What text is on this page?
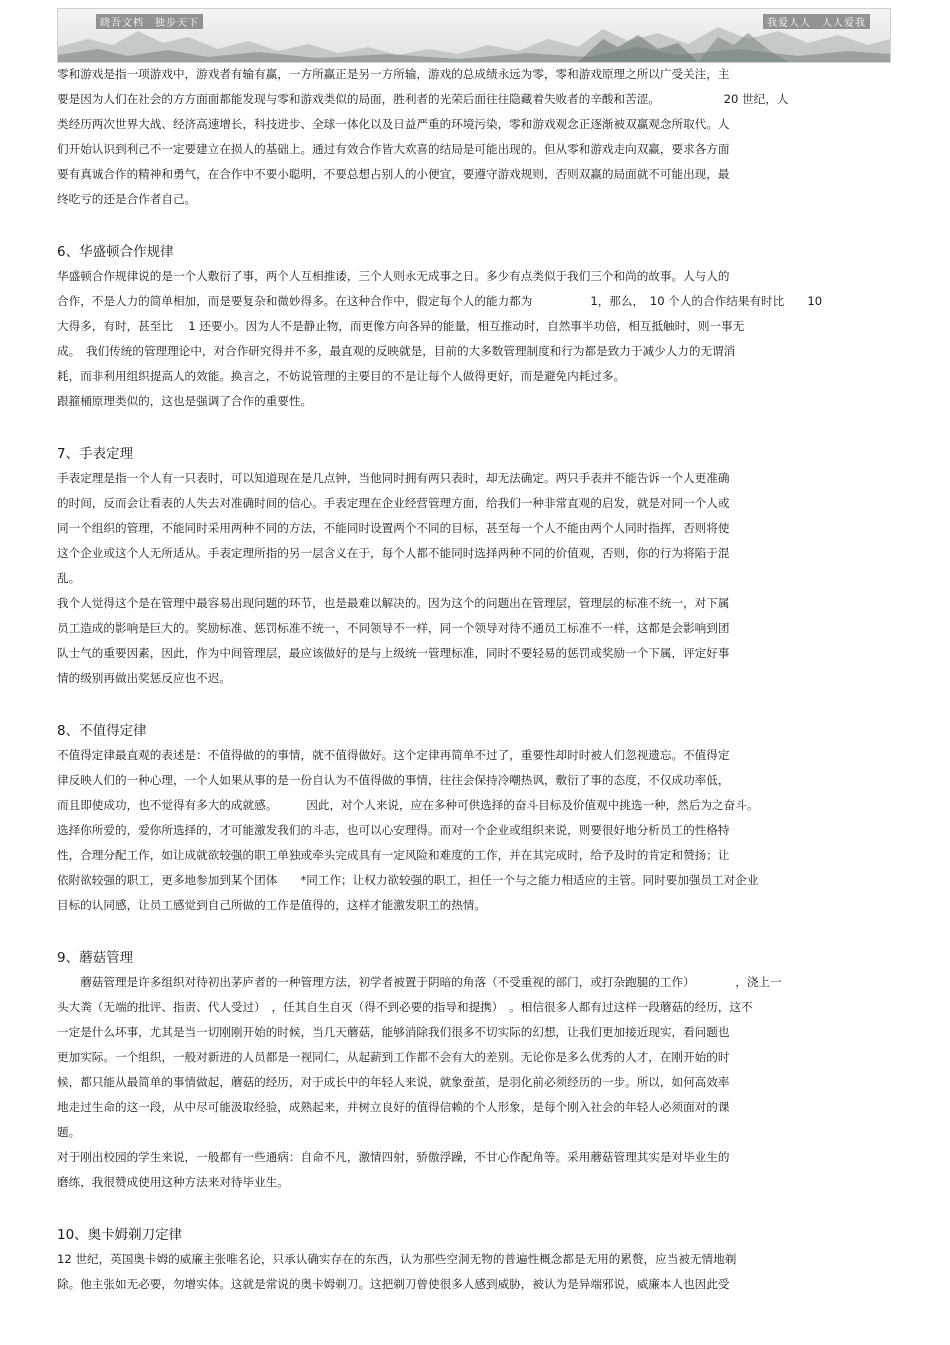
晓吾文档　独步天下	我爱人人　人人爱我
零和游戏是指一项游戏中，游戏者有输有赢，一方所赢正是另一方所输，游戏的总成绩永远为零，零和游戏原理之所以广受关注，主
要是因为人们在社会的方方面面都能发现与零和游戏类似的局面，胜利者的光荣后面往往隐藏着失败者的辛酸和苦涩。　　　　　　20 世纪，人
类经历两次世界大战、经济高速增长，科技进步、全球一体化以及日益严重的环境污染，零和游戏观念正逐渐被双赢观念所取代。人
们开始认识到利己不一定要建立在损人的基础上。通过有效合作皆大欢喜的结局是可能出现的。但从零和游戏走向双赢，要求各方面
要有真诚合作的精神和勇气，在合作中不要小聪明，不要总想占别人的小便宜，要遵守游戏规则，否则双赢的局面就不可能出现，最
终吃亏的还是合作者自己。
6、华盛顿合作规律
华盛顿合作规律说的是一个人敷衍了事，两个人互相推诿，三个人则永无成事之日。多少有点类似于我们三个和尚的故事。人与人的
合作，不是人力的简单相加，而是要复杂和微妙得多。在这种合作中，假定每个人的能力都为　　　　　1，那么，　10 个人的合作结果有时比　　10
大得多，有时，甚至比　 1 还要小。因为人不是静止物，而更像方向各异的能量，相互推动时，自然事半功倍，相互抵触时，则一事无
成。　我们传统的管理理论中，对合作研究得并不多，最直观的反映就是，目前的大多数管理制度和行为都是致力于减少人力的无谓消
耗，而非利用组织提高人的效能。换言之，不妨说管理的主要目的不是让每个人做得更好，而是避免内耗过多。
跟箍桶原理类似的，这也是强调了合作的重要性。
7、手表定理
手表定理是指一个人有一只表时，可以知道现在是几点钟，当他同时拥有两只表时，却无法确定。两只手表并不能告诉一个人更准确
的时间，反而会让看表的人失去对准确时间的信心。手表定理在企业经营管理方面，给我们一种非常直观的启发，就是对同一个人或
同一个组织的管理，不能同时采用两种不同的方法，不能同时设置两个不同的目标，甚至每一个人不能由两个人同时指挥，否则将使
这个企业或这个人无所适从。手表定理所指的另一层含义在于，每个人都不能同时选择两种不同的价值观，否则，你的行为将陷于混
乱。
我个人觉得这个是在管理中最容易出现问题的环节，也是最难以解决的。因为这个的问题出在管理层，管理层的标准不统一，对下属
员工造成的影响是巨大的。奖励标准、惩罚标准不统一，不同领导不一样，同一个领导对待不通员工标准不一样，这都是会影响到团
队士气的重要因素，因此，作为中间管理层，最应该做好的是与上级统一管理标准，同时不要轻易的惩罚或奖励一个下属，评定好事
情的级别再做出奖惩反应也不迟。
8、不值得定律
不值得定律最直观的表述是：不值得做的的事情，就不值得做好。这个定律再简单不过了，重要性却时时被人们忽视遗忘。不值得定
律反映人们的一种心理，一个人如果从事的是一份自认为不值得做的事情，往往会保持冷嘲热讽，敷衍了事的态度，不仅成功率低，
而且即使成功，也不觉得有多大的成就感。　　　因此，对个人来说，应在多种可供选择的奋斗目标及价值观中挑选一种，然后为之奋斗。
选择你所爱的，爱你所选择的，才可能激发我们的斗志，也可以心安理得。而对一个企业或组织来说，则要很好地分析员工的性格特
性，合理分配工作，如让成就欲较强的职工单独或牵头完成具有一定风险和难度的工作，并在其完成时，给予及时的肯定和赞扬；让
依附欲较强的职工，更多地参加到某个团体　　*同工作；让权力欲较强的职工，担任一个与之能力相适应的主管。同时要加强员工对企业
目标的认同感，让员工感觉到自己所做的工作是值得的，这样才能激发职工的热情。
9、蘑菇管理
　　蘑菇管理是许多组织对待初出茅庐者的一种管理方法，初学者被置于阴暗的角落（不受重视的部门，或打杂跑腿的工作）　　　　，浇上一
头大粪（无端的批评、指责、代人受过）　，任其自生自灭（得不到必要的指导和提携）　。相信很多人都有过这样一段蘑菇的经历，这不
一定是什么坏事，尤其是当一切刚刚开始的时候，当几天蘑菇，能够消除我们很多不切实际的幻想，让我们更加接近现实，看问题也
更加实际。一个组织，一般对新进的人员都是一视同仁，从起薪到工作都不会有大的差别。无论你是多么优秀的人才，在刚开始的时
候，都只能从最简单的事情做起，蘑菇的经历，对于成长中的年轻人来说，就象蚕茧，是羽化前必须经历的一步。所以，如何高效率
地走过生命的这一段，从中尽可能汲取经验，成熟起来，并树立良好的值得信赖的个人形象，是每个刚入社会的年轻人必须面对的课
题。
对于刚出校园的学生来说，一般都有一些通病：自命不凡，激情四射，骄傲浮躁，不甘心作配角等。采用蘑菇管理其实是对毕业生的
磨练，我很赞成使用这种方法来对待毕业生。
10、奥卡姆剃刀定律
12 世纪，英国奥卡姆的威廉主张唯名论，只承认确实存在的东西，认为那些空洞无物的普遍性概念都是无用的累赘，应当被无情地剃
除。他主张如无必要，勿增实体。这就是常说的奥卡姆剃刀。这把剃刀曾使很多人感到威胁，被认为是异端邪说，威廉本人也因此受
